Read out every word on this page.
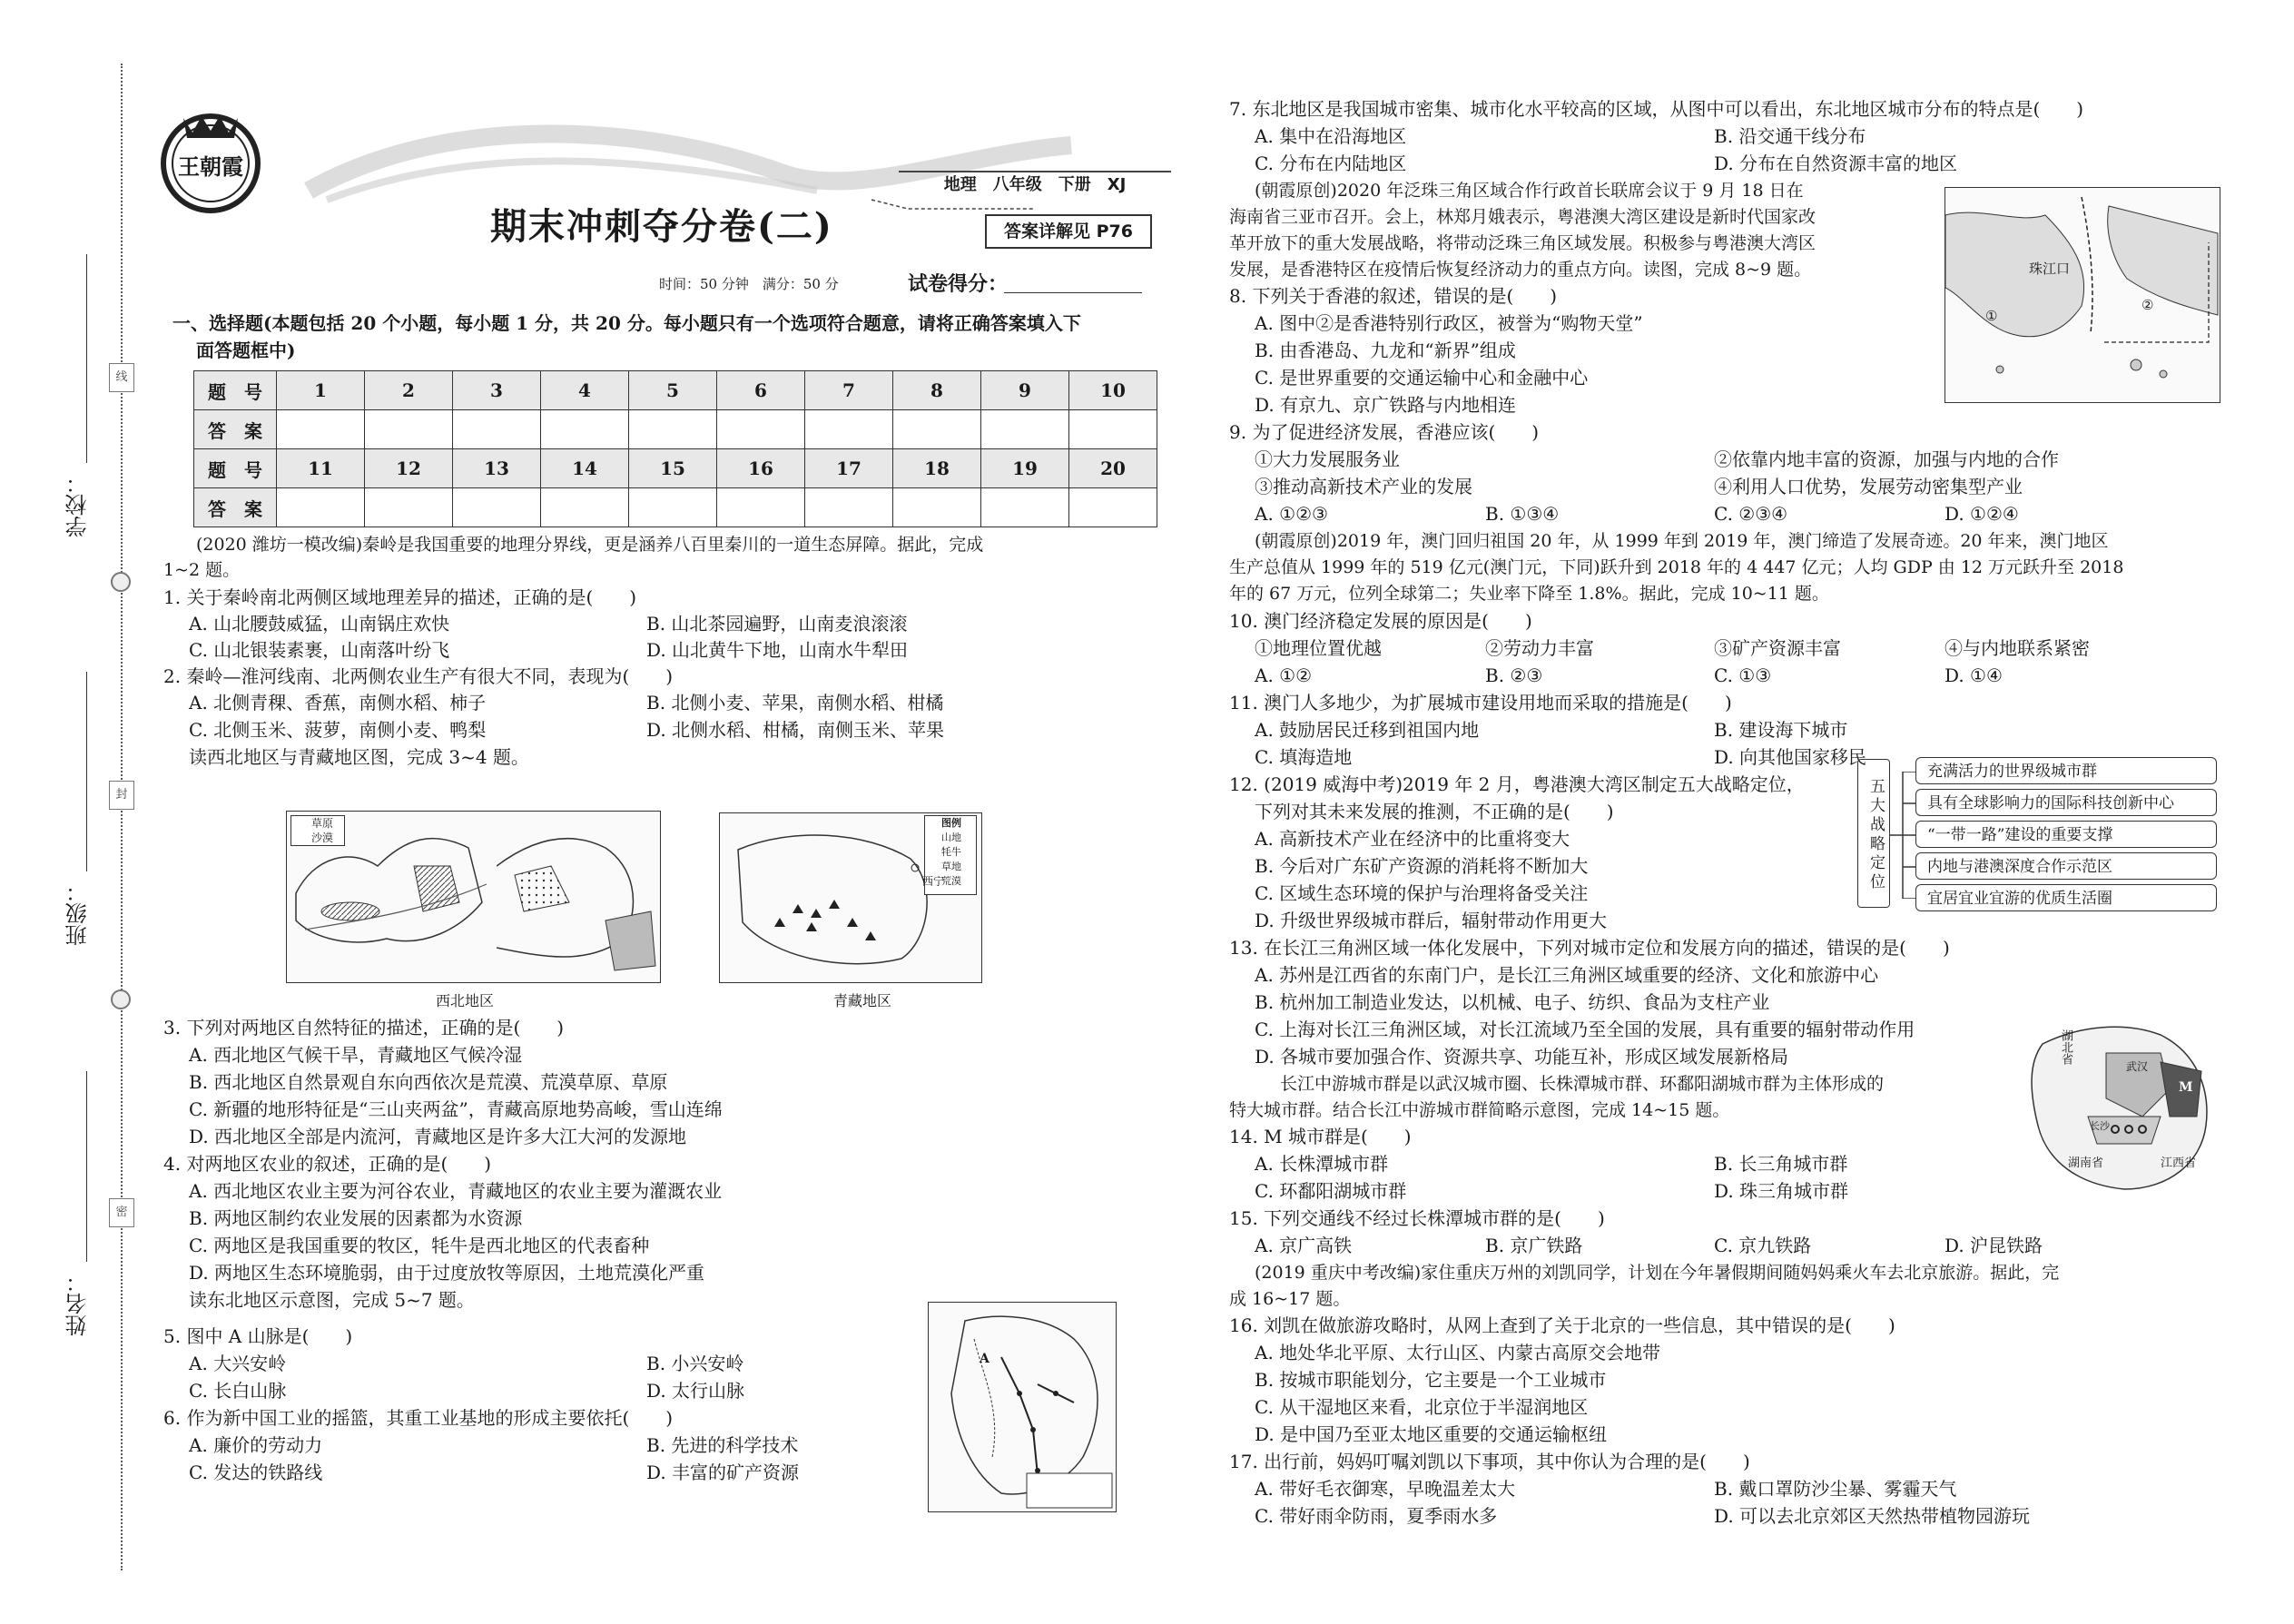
学校：
班级：
姓名：
线
封
密
王朝霞
地理　八年级　下册　XJ
期末冲刺夺分卷(二)	答案详解见 P76
时间：50 分钟　满分：50 分	试卷得分：
一、选择题(本题包括 20 个小题，每小题 1 分，共 20 分。每小题只有一个选项符合题意，请将正确答案填入下
面答题框中)
题　号	1	2	3	4	5	6	7	8	9	10
答　案										
题　号	11	12	13	14	15	16	17	18	19	20
答　案										
(2020 潍坊一模改编)秦岭是我国重要的地理分界线，更是涵养八百里秦川的一道生态屏障。据此，完成
1~2 题。
1. 关于秦岭南北两侧区域地理差异的描述，正确的是(　　)
A. 山北腰鼓威猛，山南锅庄欢快	B. 山北茶园遍野，山南麦浪滚滚
C. 山北银装素裹，山南落叶纷飞	D. 山北黄牛下地，山南水牛犁田
2. 秦岭—淮河线南、北两侧农业生产有很大不同，表现为(　　)
A. 北侧青稞、香蕉，南侧水稻、柿子	B. 北侧小麦、苹果，南侧水稻、柑橘
C. 北侧玉米、菠萝，南侧小麦、鸭梨	D. 北侧水稻、柑橘，南侧玉米、苹果
读西北地区与青藏地区图，完成 3~4 题。
草原
沙漠
西北地区
图例
山地
牦牛
草地
荒漠
西宁
青藏地区
3. 下列对两地区自然特征的描述，正确的是(　　)
A. 西北地区气候干旱，青藏地区气候冷湿
B. 西北地区自然景观自东向西依次是荒漠、荒漠草原、草原
C. 新疆的地形特征是“三山夹两盆”，青藏高原地势高峻，雪山连绵
D. 西北地区全部是内流河，青藏地区是许多大江大河的发源地
4. 对两地区农业的叙述，正确的是(　　)
A. 西北地区农业主要为河谷农业，青藏地区的农业主要为灌溉农业
B. 两地区制约农业发展的因素都为水资源
C. 两地区是我国重要的牧区，牦牛是西北地区的代表畜种
D. 两地区生态环境脆弱，由于过度放牧等原因，土地荒漠化严重
读东北地区示意图，完成 5~7 题。
A
5. 图中 A 山脉是(　　)
A. 大兴安岭	B. 小兴安岭
C. 长白山脉	D. 太行山脉
6. 作为新中国工业的摇篮，其重工业基地的形成主要依托(　　)
A. 廉价的劳动力	B. 先进的科学技术
C. 发达的铁路线	D. 丰富的矿产资源
7. 东北地区是我国城市密集、城市化水平较高的区域，从图中可以看出，东北地区城市分布的特点是(　　)
A. 集中在沿海地区	B. 沿交通干线分布
C. 分布在内陆地区	D. 分布在自然资源丰富的地区
(朝霞原创)2020 年泛珠三角区域合作行政首长联席会议于 9 月 18 日在
海南省三亚市召开。会上，林郑月娥表示，粤港澳大湾区建设是新时代国家改
革开放下的重大发展战略，将带动泛珠三角区域发展。积极参与粤港澳大湾区
发展，是香港特区在疫情后恢复经济动力的重点方向。读图，完成 8~9 题。	珠江口
①
②
8. 下列关于香港的叙述，错误的是(　　)
A. 图中②是香港特别行政区，被誉为“购物天堂”
B. 由香港岛、九龙和“新界”组成
C. 是世界重要的交通运输中心和金融中心
D. 有京九、京广铁路与内地相连
9. 为了促进经济发展，香港应该(　　)
①大力发展服务业	②依靠内地丰富的资源，加强与内地的合作
③推动高新技术产业的发展	④利用人口优势，发展劳动密集型产业
A. ①②③	B. ①③④	C. ②③④	D. ①②④
(朝霞原创)2019 年，澳门回归祖国 20 年，从 1999 年到 2019 年，澳门缔造了发展奇迹。20 年来，澳门地区
生产总值从 1999 年的 519 亿元(澳门元，下同)跃升到 2018 年的 4 447 亿元；人均 GDP 由 12 万元跃升至 2018
年的 67 万元，位列全球第二；失业率下降至 1.8%。据此，完成 10~11 题。
10. 澳门经济稳定发展的原因是(　　)
①地理位置优越	②劳动力丰富	③矿产资源丰富	④与内地联系紧密
A. ①②	B. ②③	C. ①③	D. ①④
11. 澳门人多地少，为扩展城市建设用地而采取的措施是(　　)
A. 鼓励居民迁移到祖国内地	B. 建设海下城市
C. 填海造地	D. 向其他国家移民
12. (2019 威海中考)2019 年 2 月，粤港澳大湾区制定五大战略定位，
下列对其未来发展的推测，不正确的是(　　)
A. 高新技术产业在经济中的比重将变大
B. 今后对广东矿产资源的消耗将不断加大
C. 区域生态环境的保护与治理将备受关注
D. 升级世界级城市群后，辐射带动作用更大
五大战略定位
充满活力的世界级城市群
具有全球影响力的国际科技创新中心
“一带一路”建设的重要支撑
内地与港澳深度合作示范区
宜居宜业宜游的优质生活圈
13. 在长江三角洲区域一体化发展中，下列对城市定位和发展方向的描述，错误的是(　　)
A. 苏州是江西省的东南门户，是长江三角洲区域重要的经济、文化和旅游中心
B. 杭州加工制造业发达，以机械、电子、纺织、食品为支柱产业
C. 上海对长江三角洲区域，对长江流域乃至全国的发展，具有重要的辐射带动作用
D. 各城市要加强合作、资源共享、功能互补，形成区域发展新格局
长江中游城市群是以武汉城市圈、长株潭城市群、环鄱阳湖城市群为主体形成的
特大城市群。结合长江中游城市群简略示意图，完成 14~15 题。
湖北省
武汉
M
湖南省	江西省
长沙
14. M 城市群是(　　)
A. 长株潭城市群	B. 长三角城市群
C. 环鄱阳湖城市群	D. 珠三角城市群
15. 下列交通线不经过长株潭城市群的是(　　)
A. 京广高铁	B. 京广铁路	C. 京九铁路	D. 沪昆铁路
(2019 重庆中考改编)家住重庆万州的刘凯同学，计划在今年暑假期间随妈妈乘火车去北京旅游。据此，完
成 16~17 题。
16. 刘凯在做旅游攻略时，从网上查到了关于北京的一些信息，其中错误的是(　　)
A. 地处华北平原、太行山区、内蒙古高原交会地带
B. 按城市职能划分，它主要是一个工业城市
C. 从干湿地区来看，北京位于半湿润地区
D. 是中国乃至亚太地区重要的交通运输枢纽
17. 出行前，妈妈叮嘱刘凯以下事项，其中你认为合理的是(　　)
A. 带好毛衣御寒，早晚温差太大	B. 戴口罩防沙尘暴、雾霾天气
C. 带好雨伞防雨，夏季雨水多	D. 可以去北京郊区天然热带植物园游玩
